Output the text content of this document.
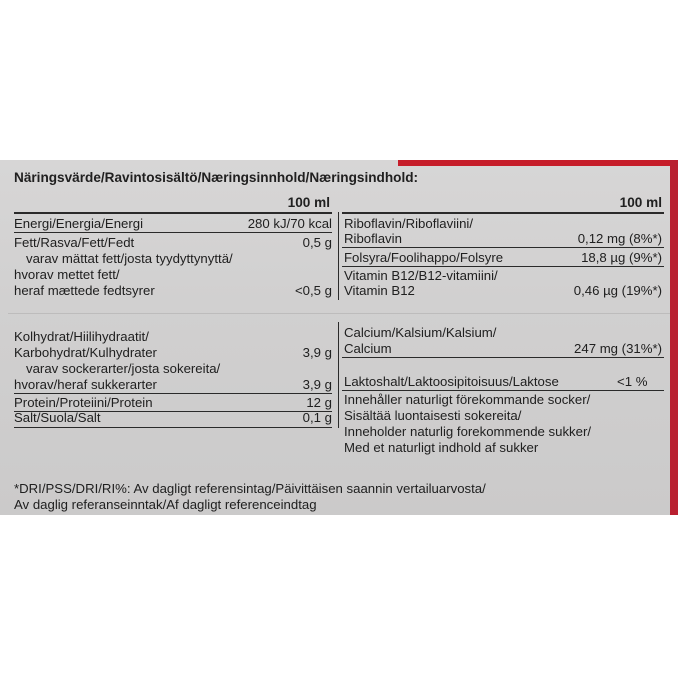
Näringsvärde/Ravintosisältö/Næringsinnhold/Næringsindhold:
100 ml	100 ml
Energi/Energia/Energi	280 kJ/70 kcal
Fett/Rasva/Fett/Fedt	0,5 g
varav mättat fett/josta tyydyttynyttä/
hvorav mettet fett/
heraf mættede fedtsyrer	<0,5 g
Riboflavin/Riboflaviini/
Riboflavin	0,12 mg (8%*)
Folsyra/Foolihappo/Folsyre	18,8 µg (9%*)
Vitamin B12/B12-vitamiini/
Vitamin B12	0,46 µg (19%*)
Kolhydrat/Hiilihydraatit/
Karbohydrat/Kulhydrater	3,9 g
varav sockerarter/josta sokereita/
hvorav/heraf sukkerarter	3,9 g
Protein/Proteiini/Protein	12 g
Salt/Suola/Salt	0,1 g
Calcium/Kalsium/Kalsium/
Calcium	247 mg (31%*)
Laktoshalt/Laktoosipitoisuus/Laktose	<1 %
Innehåller naturligt förekommande socker/
Sisältää luontaisesti sokereita/
Inneholder naturlig forekommende sukker/
Med et naturligt indhold af sukker
*DRI/PSS/DRI/RI%: Av dagligt referensintag/Päivittäisen saannin vertailuarvosta/
Av daglig referanseinntak/Af dagligt referenceindtag
